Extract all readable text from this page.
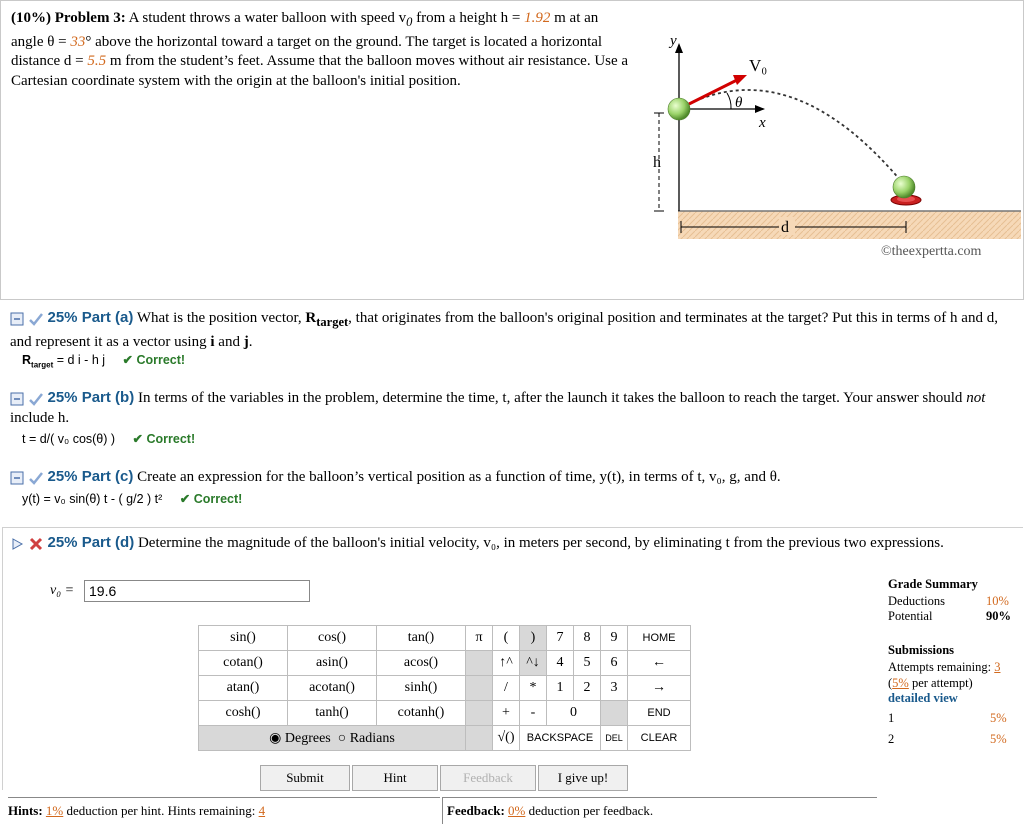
(10%) Problem 3: A student throws a water balloon with speed $v_0$ from a height h = 1.92 m at an angle θ = 33° above the horizontal toward a target on the ground. The target is located a horizontal distance d = 5.5 m from the student’s feet. Assume that the balloon moves without air resistance. Use a Cartesian coordinate system with the origin at the balloon's initial position.
y
x
h
V₀
θ
d
©theexpertta.com
25% Part (a) What is the position vector, $R_{target}$, that originates from the balloon's original position and terminates at the target? Put this in terms of h and d, and represent it as a vector using i and j.
$R_{target} = d$ i - h j ✔ Correct!
25% Part (b) In terms of the variables in the problem, determine the time, t, after the launch it takes the balloon to reach the target. Your answer should not include h.
t = d/( v₀ cos(θ) ) ✔ Correct!
25% Part (c) Create an expression for the balloon’s vertical position as a function of time, y(t), in terms of t, v₀, g, and θ.
y(t) = v₀ sin(θ) t - ( g/2 ) t² ✔ Correct!
25% Part (d) Determine the magnitude of the balloon's initial velocity, v₀, in meters per second, by eliminating t from the previous two expressions.
v₀ =
19.6
sin()	cos()	tan()	π	(	)	7	8	9	HOME
cotan()	asin()	acos()		↑^	^↓	4	5	6	←
atan()	acotan()	sinh()		/	*	1	2	3	→
cosh()	tanh()	cotanh()		+	-	0			END
◉ Degrees ○ Radians				√()	BACKSPACE			DEL	CLEAR
Submit	Hint	Feedback	I give up!
Grade Summary
Deductions	10%
Potential	90%
Submissions
Attempts remaining: 3
(5% per attempt)
detailed view
1	5%
2	5%
Hints: 1% deduction per hint. Hints remaining: 4	Feedback: 0% deduction per feedback.
